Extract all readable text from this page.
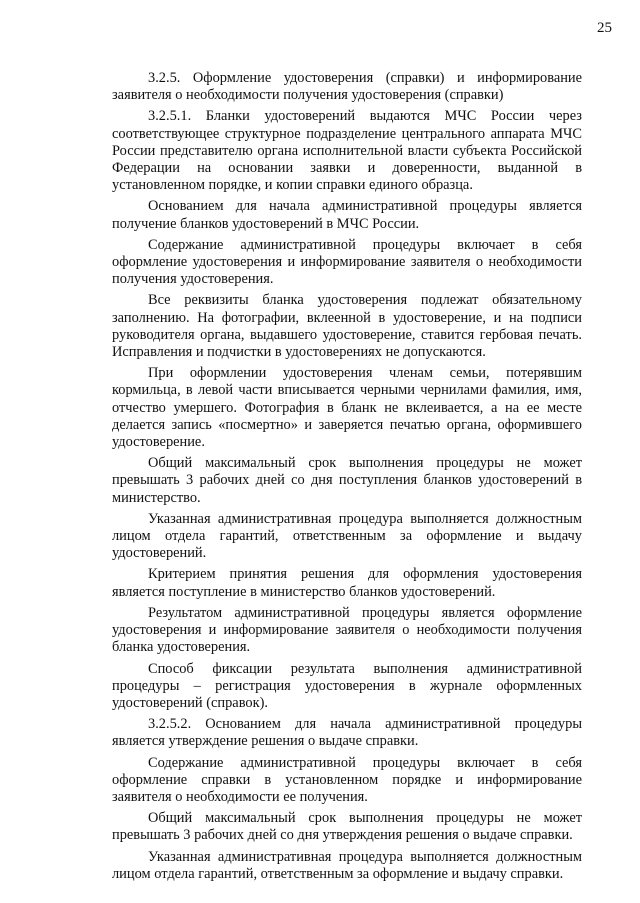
25

3.2.5. Оформление удостоверения (справки) и информирование заявителя о необходимости получения удостоверения (справки)

3.2.5.1. Бланки удостоверений выдаются МЧС России через соответствующее структурное подразделение центрального аппарата МЧС России представителю органа исполнительной власти субъекта Российской Федерации на основании заявки и доверенности, выданной в установленном порядке, и копии справки единого образца.

Основанием для начала административной процедуры является получение бланков удостоверений в МЧС России.

Содержание административной процедуры включает в себя оформление удостоверения и информирование заявителя о необходимости получения удостоверения.

Все реквизиты бланка удостоверения подлежат обязательному заполнению. На фотографии, вклеенной в удостоверение, и на подписи руководителя органа, выдавшего удостоверение, ставится гербовая печать. Исправления и подчистки в удостоверениях не допускаются.

При оформлении удостоверения членам семьи, потерявшим кормильца, в левой части вписывается черными чернилами фамилия, имя, отчество умершего. Фотография в бланк не вклеивается, а на ее месте делается запись «посмертно» и заверяется печатью органа, оформившего удостоверение.

Общий максимальный срок выполнения процедуры не может превышать 3 рабочих дней со дня поступления бланков удостоверений в министерство.

Указанная административная процедура выполняется должностным лицом отдела гарантий, ответственным за оформление и выдачу удостоверений.

Критерием принятия решения для оформления удостоверения является поступление в министерство бланков удостоверений.

Результатом административной процедуры является оформление удостоверения и информирование заявителя о необходимости получения бланка удостоверения.

Способ фиксации результата выполнения административной процедуры – регистрация удостоверения в журнале оформленных удостоверений (справок).

3.2.5.2. Основанием для начала административной процедуры является утверждение решения о выдаче справки.

Содержание административной процедуры включает в себя оформление справки в установленном порядке и информирование заявителя о необходимости ее получения.

Общий максимальный срок выполнения процедуры не может превышать 3 рабочих дней со дня утверждения решения о выдаче справки.

Указанная административная процедура выполняется должностным лицом отдела гарантий, ответственным за оформление и выдачу справки.
